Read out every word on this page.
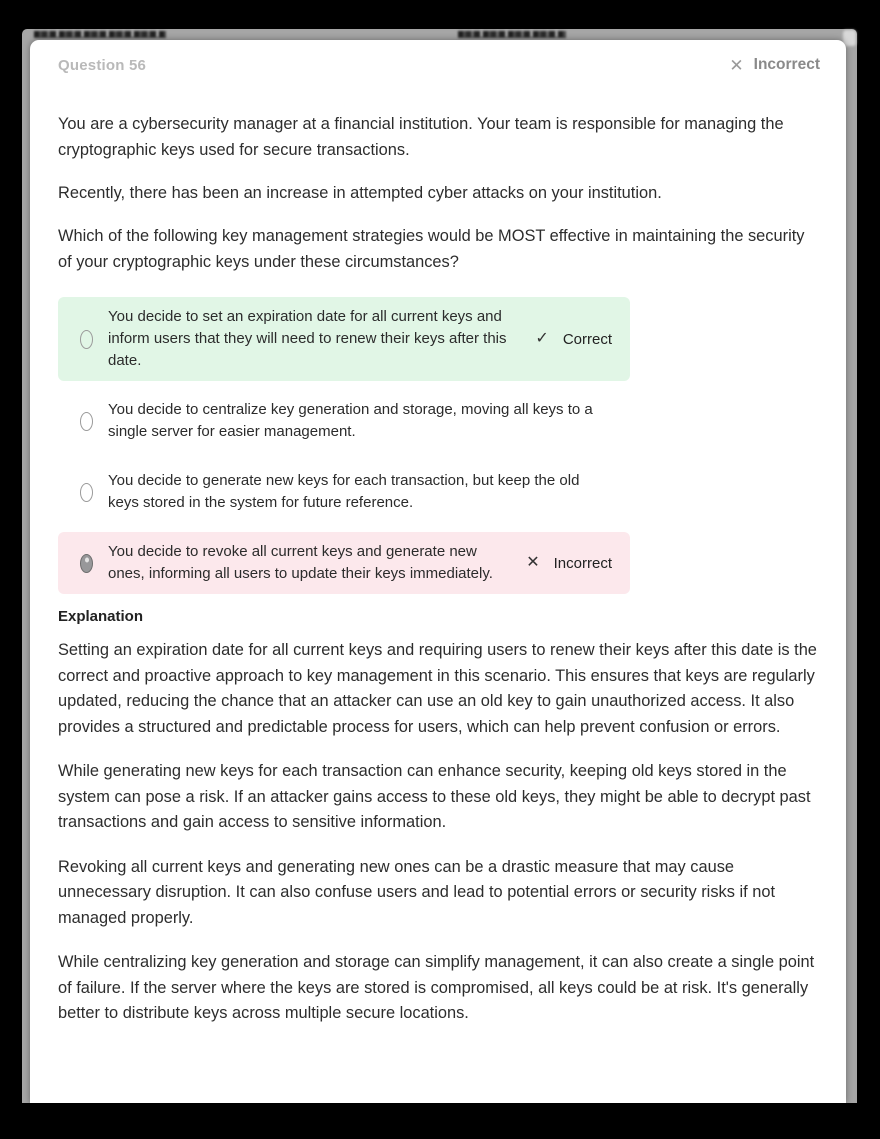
Question 56	✕ Incorrect

You are a cybersecurity manager at a financial institution. Your team is responsible for managing the cryptographic keys used for secure transactions.

Recently, there has been an increase in attempted cyber attacks on your institution.

Which of the following key management strategies would be MOST effective in maintaining the security of your cryptographic keys under these circumstances?

You decide to set an expiration date for all current keys and inform users that they will need to renew their keys after this date.
✓ Correct
You decide to centralize key generation and storage, moving all keys to a single server for easier management.
You decide to generate new keys for each transaction, but keep the old keys stored in the system for future reference.
You decide to revoke all current keys and generate new ones, informing all users to update their keys immediately.
✕ Incorrect
Explanation

Setting an expiration date for all current keys and requiring users to renew their keys after this date is the correct and proactive approach to key management in this scenario. This ensures that keys are regularly updated, reducing the chance that an attacker can use an old key to gain unauthorized access. It also provides a structured and predictable process for users, which can help prevent confusion or errors.

While generating new keys for each transaction can enhance security, keeping old keys stored in the system can pose a risk. If an attacker gains access to these old keys, they might be able to decrypt past transactions and gain access to sensitive information.

Revoking all current keys and generating new ones can be a drastic measure that may cause unnecessary disruption. It can also confuse users and lead to potential errors or security risks if not managed properly.

While centralizing key generation and storage can simplify management, it can also create a single point of failure. If the server where the keys are stored is compromised, all keys could be at risk. It's generally better to distribute keys across multiple secure locations.
